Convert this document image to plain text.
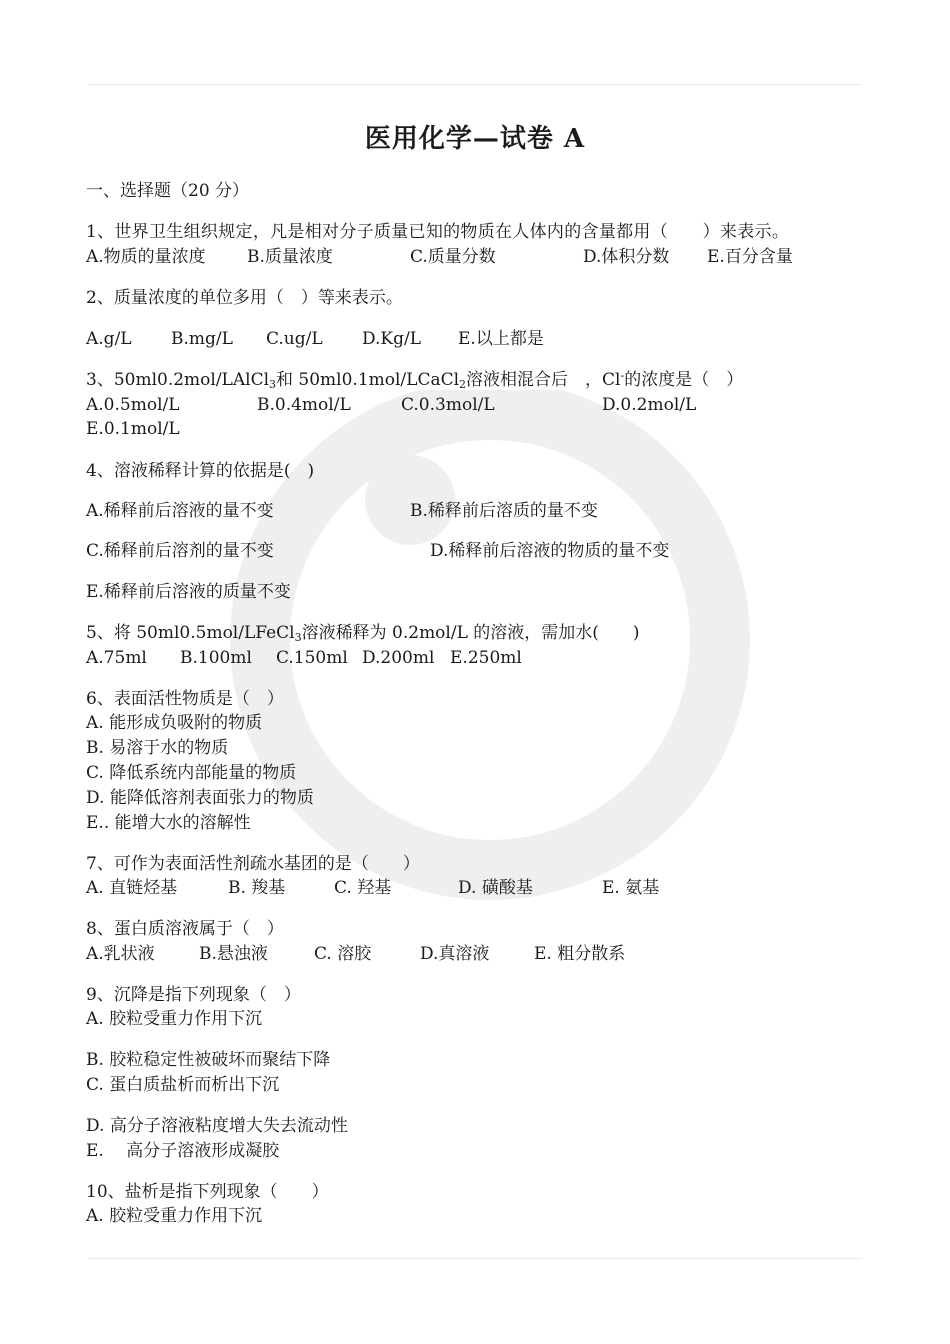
医用化学—试卷 A
一、选择题（20 分）
1、世界卫生组织规定，凡是相对分子质量已知的物质在人体内的含量都用（　　）来表示。
A.物质的量浓度 B.质量浓度	C.质量分数	D.体积分数 E.百分含量
2、质量浓度的单位多用（　）等来表示。
A.g/L B.mg/L C.ug/L D.Kg/L E.以上都是
3、50ml0.2mol/LAlCl$_3$和 50ml0.1mol/LCaCl$_2$溶液相混合后　，Cl-的浓度是（　）
A.0.5mol/L	B.0.4mol/L	C.0.3mol/L	D.0.2mol/L
E.0.1mol/L
4、溶液稀释计算的依据是(　)
A.稀释前后溶液的量不变	B.稀释前后溶质的量不变
C.稀释前后溶剂的量不变	D.稀释前后溶液的物质的量不变
E.稀释前后溶液的质量不变
5、将 50ml0.5mol/LFeCl$_3$溶液稀释为 0.2mol/L 的溶液，需加水(　　)
A.75ml B.100ml C.150ml D.200ml E.250ml
6、表面活性物质是（　）
A. 能形成负吸附的物质
B. 易溶于水的物质
C. 降低系统内部能量的物质
D. 能降低溶剂表面张力的物质
E.. 能增大水的溶解性
7、可作为表面活性剂疏水基团的是（　　）
A. 直链烃基	B. 羧基	C. 羟基	D. 磺酸基	E. 氨基
8、蛋白质溶液属于（　）
A.乳状液	B.悬浊液	C. 溶胶	D.真溶液	E. 粗分散系
9、沉降是指下列现象（　）
A. 胶粒受重力作用下沉
B. 胶粒稳定性被破坏而聚结下降
C. 蛋白质盐析而析出下沉
D. 高分子溶液粘度增大失去流动性
E.　 高分子溶液形成凝胶
10、盐析是指下列现象（　　）
A. 胶粒受重力作用下沉
